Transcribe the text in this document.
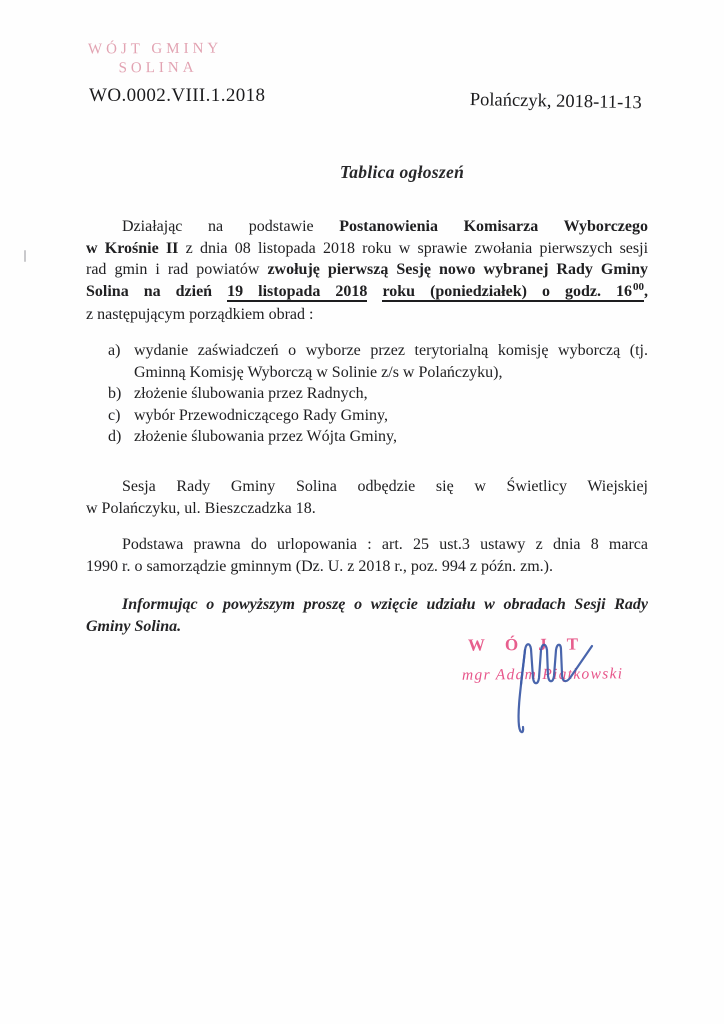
WÓJT GMINY
SOLINA
WO.0002.VIII.1.2018	Polańczyk, 2018-11-13
Tablica ogłoszeń
Działając na podstawie Postanowienia Komisarza Wyborczego
w Krośnie II z dnia 08 listopada 2018 roku w sprawie zwołania pierwszych sesji
rad gmin i rad powiatów zwołuję pierwszą Sesję nowo wybranej Rady Gminy
Solina na dzień 19 listopada 2018 roku (poniedziałek) o godz. $16^{00}$,
z następującym porządkiem obrad :
a) wydanie zaświadczeń o wyborze przez terytorialną komisję wyborczą (tj. Gminną Komisję Wyborczą w Solinie z/s w Polańczyku),
b) złożenie ślubowania przez Radnych,
c) wybór Przewodniczącego Rady Gminy,
d) złożenie ślubowania przez Wójta Gminy,
Sesja Rady Gminy Solina odbędzie się w Świetlicy Wiejskiej
w Polańczyku, ul. Bieszczadzka 18.
Podstawa prawna do urlopowania : art. 25 ust.3 ustawy z dnia 8 marca
1990 r. o samorządzie gminnym (Dz. U. z 2018 r., poz. 994 z późn. zm.).
Informując o powyższym proszę o wzięcie udziału w obradach Sesji Rady
Gminy Solina.
WÓJT
mgr Adam Piątkowski
